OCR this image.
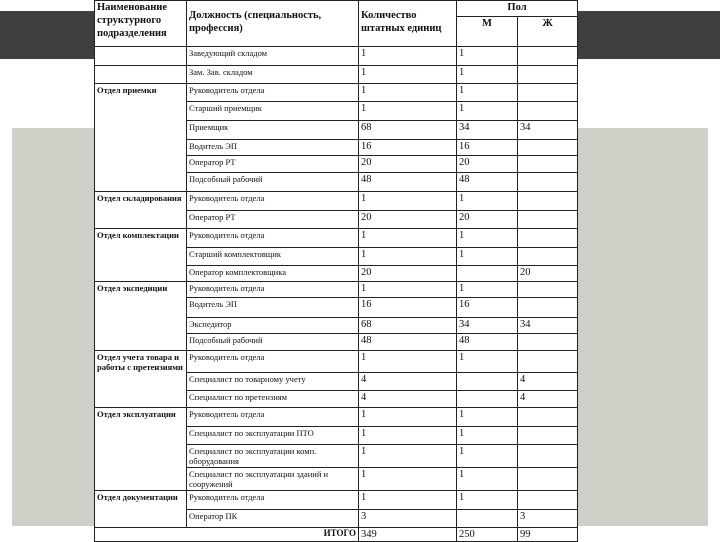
Наименование структурного подразделения	Должность (специальность, профессия)	Количество штатных единиц	Пол	
			М	Ж
	Заведующий складом	1	1	
	Зам. Зав. складом	1	1	
Отдел приемки	Руководитель отдела	1	1	
	Старший приемщик	1	1	
	Приемщик	68	34	34
	Водитель ЭП	16	16	
	Оператор РТ	20	20	
	Подсобный рабочий	48	48	
Отдел складирования	Руководитель отдела	1	1	
	Оператор РТ	20	20	
Отдел комплектации	Руководитель отдела	1	1	
	Старший комплектовщик	1	1	
	Оператор комплектовщика	20		20
Отдел экспедиции	Руководитель отдела	1	1	
	Водитель ЭП	16	16	
	Экспедитор	68	34	34
	Подсобный рабочий	48	48	
Отдел учета товара и работы с претензиями	Руководитель отдела	1	1	
	Специалист по товарному учету	4		4
	Специалист по претензиям	4		4
Отдел эксплуатации	Руководитель отдела	1	1	
	Специалист по эксплуатации ПТО	1	1	
	Специалист по эксплуатации комп. оборудования	1	1	
	Специалист по эксплуатации зданий и сооружений	1	1	
Отдел документации	Руководитель отдела	1	1	
	Оператор ПК	3		3
ИТОГО		349	250	99
